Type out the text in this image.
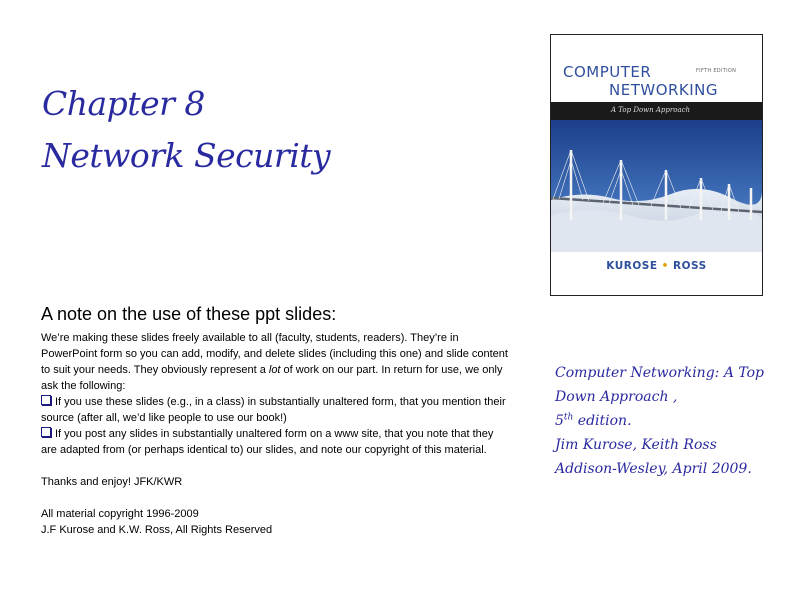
Chapter 8
Network Security
COMPUTER	FIFTH EDITION
NETWORKING
A Top Down Approach
KUROSE • ROSS
A note on the use of these ppt slides:

We’re making these slides freely available to all (faculty, students, readers). They’re in PowerPoint form so you can add, modify, and delete slides (including this one) and slide content to suit your needs. They obviously represent a lot of work on our part. In return for use, we only ask the following:

If you use these slides (e.g., in a class) in substantially unaltered form, that you mention their source (after all, we’d like people to use our book!)

If you post any slides in substantially unaltered form on a www site, that you note that they are adapted from (or perhaps identical to) our slides, and note our copyright of this material.

Thanks and enjoy! JFK/KWR

All material copyright 1996-2009

J.F Kurose and K.W. Ross, All Rights Reserved

Computer Networking: A Top Down Approach ,

5th edition.

Jim Kurose, Keith Ross

Addison-Wesley, April 2009.
